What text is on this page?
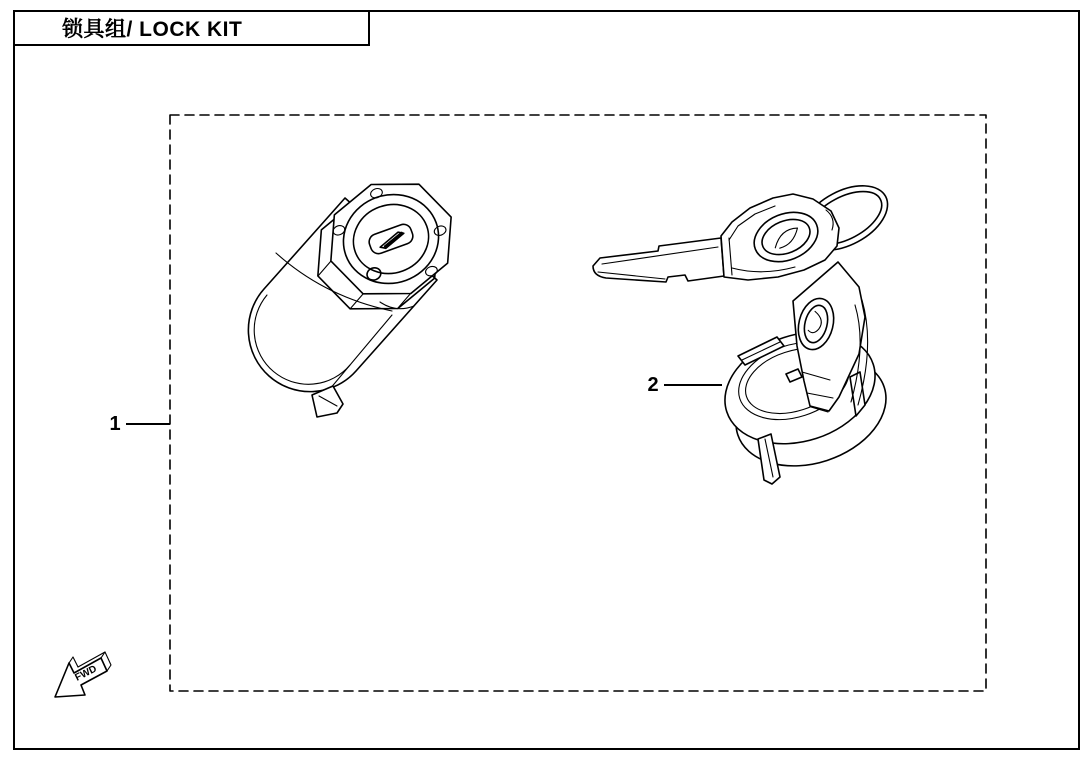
锁具组/ LOCK KIT
1
2
FWD
